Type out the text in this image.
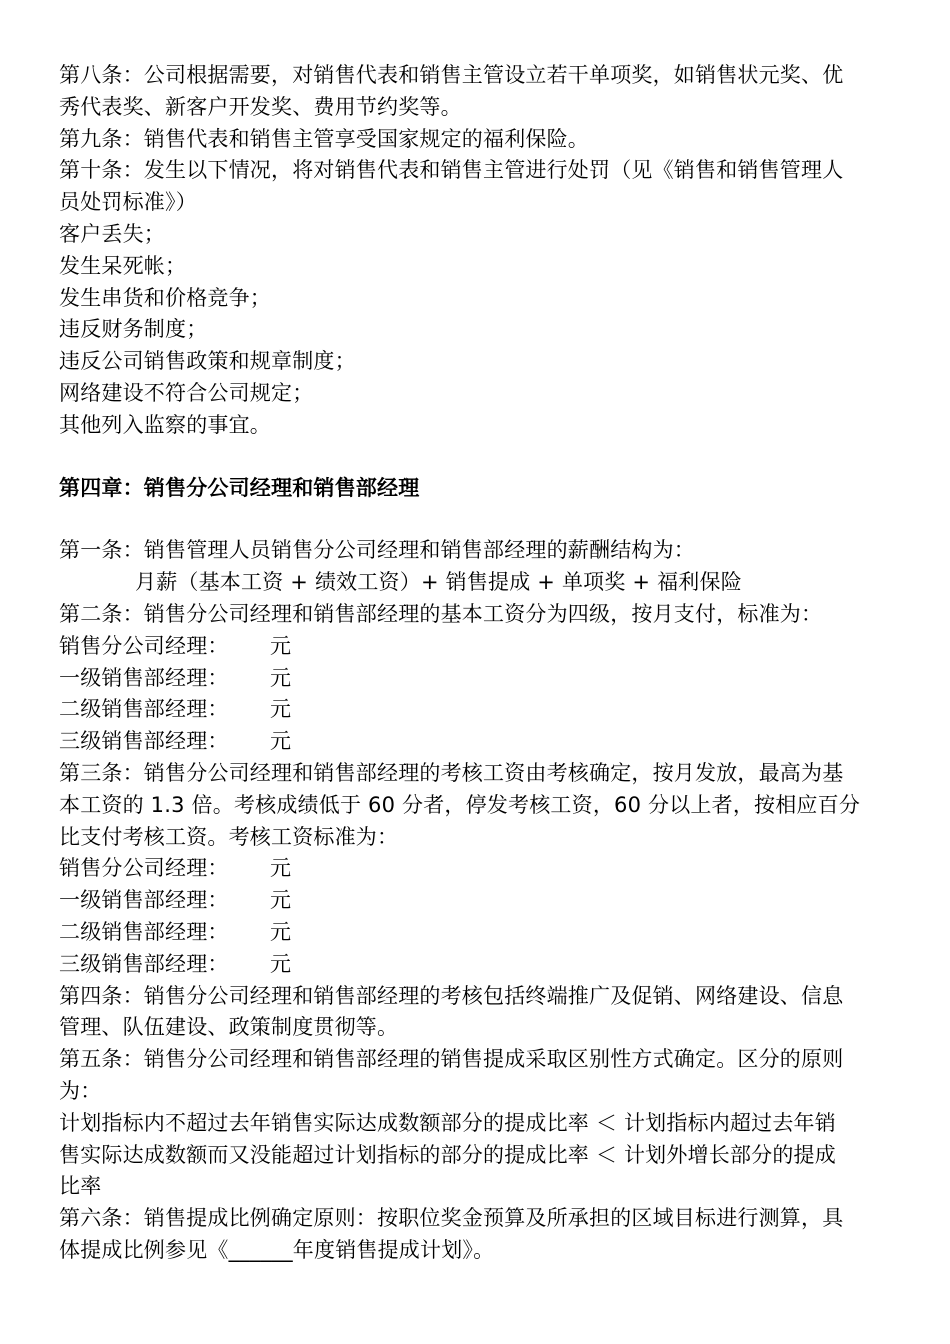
第八条：公司根据需要，对销售代表和销售主管设立若干单项奖，如销售状元奖、优
秀代表奖、新客户开发奖、费用节约奖等。
第九条：销售代表和销售主管享受国家规定的福利保险。
第十条：发生以下情况，将对销售代表和销售主管进行处罚（见《销售和销售管理人
员处罚标准》）
客户丢失；
发生呆死帐；
发生串货和价格竞争；
违反财务制度；
违反公司销售政策和规章制度；
网络建设不符合公司规定；
其他列入监察的事宜。
第四章：销售分公司经理和销售部经理
第一条：销售管理人员销售分公司经理和销售部经理的薪酬结构为：
月薪（基本工资 + 绩效工资）+ 销售提成 + 单项奖 + 福利保险
第二条：销售分公司经理和销售部经理的基本工资分为四级，按月支付，标准为：
销售分公司经理：	元
一级销售部经理：	元
二级销售部经理：	元
三级销售部经理：	元
第三条：销售分公司经理和销售部经理的考核工资由考核确定，按月发放，最高为基
本工资的 1.3 倍。考核成绩低于 60 分者，停发考核工资，60 分以上者，按相应百分
比支付考核工资。考核工资标准为：
销售分公司经理：	元
一级销售部经理：	元
二级销售部经理：	元
三级销售部经理：	元
第四条：销售分公司经理和销售部经理的考核包括终端推广及促销、网络建设、信息
管理、队伍建设、政策制度贯彻等。
第五条：销售分公司经理和销售部经理的销售提成采取区别性方式确定。区分的原则
为：
计划指标内不超过去年销售实际达成数额部分的提成比率 ＜ 计划指标内超过去年销
售实际达成数额而又没能超过计划指标的部分的提成比率 ＜ 计划外增长部分的提成
比率
第六条：销售提成比例确定原则：按职位奖金预算及所承担的区域目标进行测算，具
体提成比例参见《______年度销售提成计划》。
